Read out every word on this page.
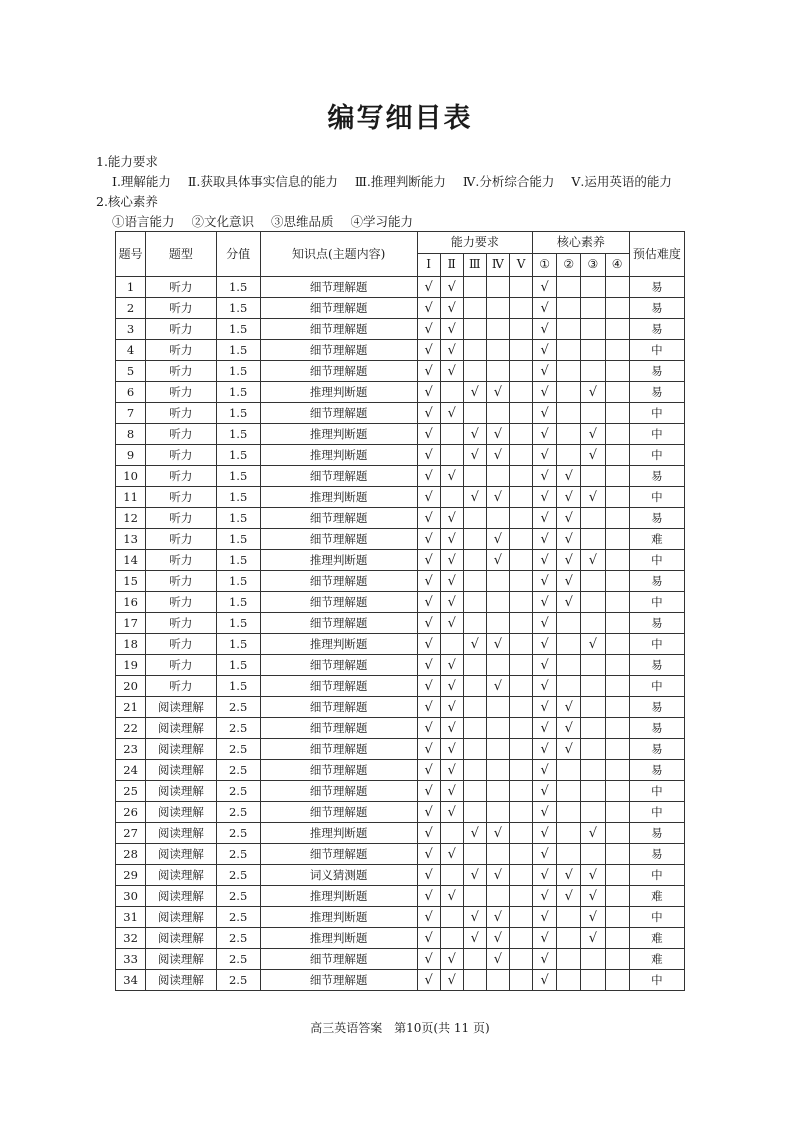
编写细目表
1.能力要求
Ⅰ.理解能力 Ⅱ.获取具体事实信息的能力 Ⅲ.推理判断能力 Ⅳ.分析综合能力 Ⅴ.运用英语的能力
2.核心素养
①语言能力 ②文化意识 ③思维品质 ④学习能力
题号	题型	分值	知识点(主题内容)	能力要求					核心素养				预估难度
				Ⅰ	Ⅱ	Ⅲ	Ⅳ	Ⅴ	①	②	③	④	
1	听力	1.5	细节理解题	√	√				√				易
2	听力	1.5	细节理解题	√	√				√				易
3	听力	1.5	细节理解题	√	√				√				易
4	听力	1.5	细节理解题	√	√				√				中
5	听力	1.5	细节理解题	√	√				√				易
6	听力	1.5	推理判断题	√		√	√		√		√		易
7	听力	1.5	细节理解题	√	√				√				中
8	听力	1.5	推理判断题	√		√	√		√		√		中
9	听力	1.5	推理判断题	√		√	√		√		√		中
10	听力	1.5	细节理解题	√	√				√	√			易
11	听力	1.5	推理判断题	√		√	√		√	√	√		中
12	听力	1.5	细节理解题	√	√				√	√			易
13	听力	1.5	细节理解题	√	√		√		√	√			难
14	听力	1.5	推理判断题	√	√		√		√	√	√		中
15	听力	1.5	细节理解题	√	√				√	√			易
16	听力	1.5	细节理解题	√	√				√	√			中
17	听力	1.5	细节理解题	√	√				√				易
18	听力	1.5	推理判断题	√		√	√		√		√		中
19	听力	1.5	细节理解题	√	√				√				易
20	听力	1.5	细节理解题	√	√		√		√				中
21	阅读理解	2.5	细节理解题	√	√				√	√			易
22	阅读理解	2.5	细节理解题	√	√				√	√			易
23	阅读理解	2.5	细节理解题	√	√				√	√			易
24	阅读理解	2.5	细节理解题	√	√				√				易
25	阅读理解	2.5	细节理解题	√	√				√				中
26	阅读理解	2.5	细节理解题	√	√				√				中
27	阅读理解	2.5	推理判断题	√		√	√		√		√		易
28	阅读理解	2.5	细节理解题	√	√				√				易
29	阅读理解	2.5	词义猜测题	√		√	√		√	√	√		中
30	阅读理解	2.5	推理判断题	√	√				√	√	√		难
31	阅读理解	2.5	推理判断题	√		√	√		√		√		中
32	阅读理解	2.5	推理判断题	√		√	√		√		√		难
33	阅读理解	2.5	细节理解题	√	√		√		√				难
34	阅读理解	2.5	细节理解题	√	√				√				中
高三英语答案 第10页(共 11 页)
